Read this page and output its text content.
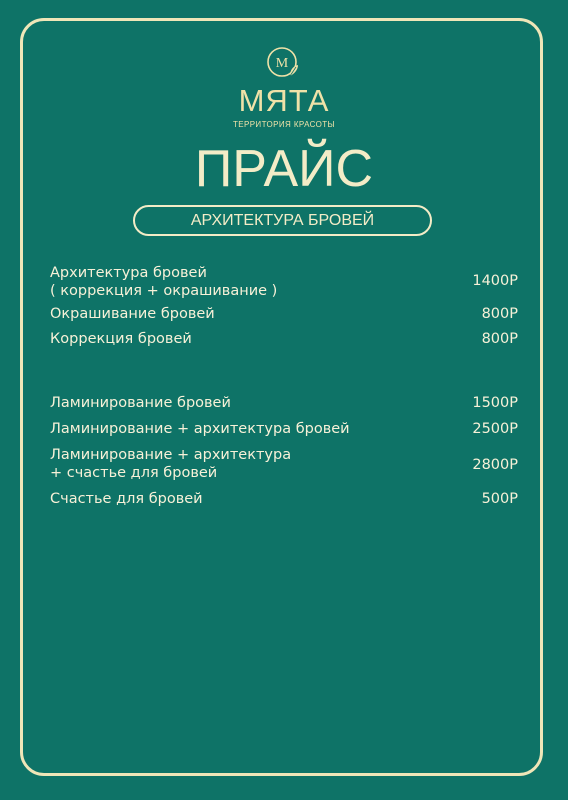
М
МЯТА
ТЕРРИТОРИЯ КРАСОТЫ
ПРАЙС
АРХИТЕКТУРА БРОВЕЙ
Архитектура бровей
( коррекция + окрашивание )
1400Р
Окрашивание бровей	800Р
Коррекция бровей	800Р
Ламинирование бровей	1500Р
Ламинирование + архитектура бровей	2500Р
Ламинирование + архитектура
+ счастье для бровей	2800Р
Счастье для бровей	500Р
